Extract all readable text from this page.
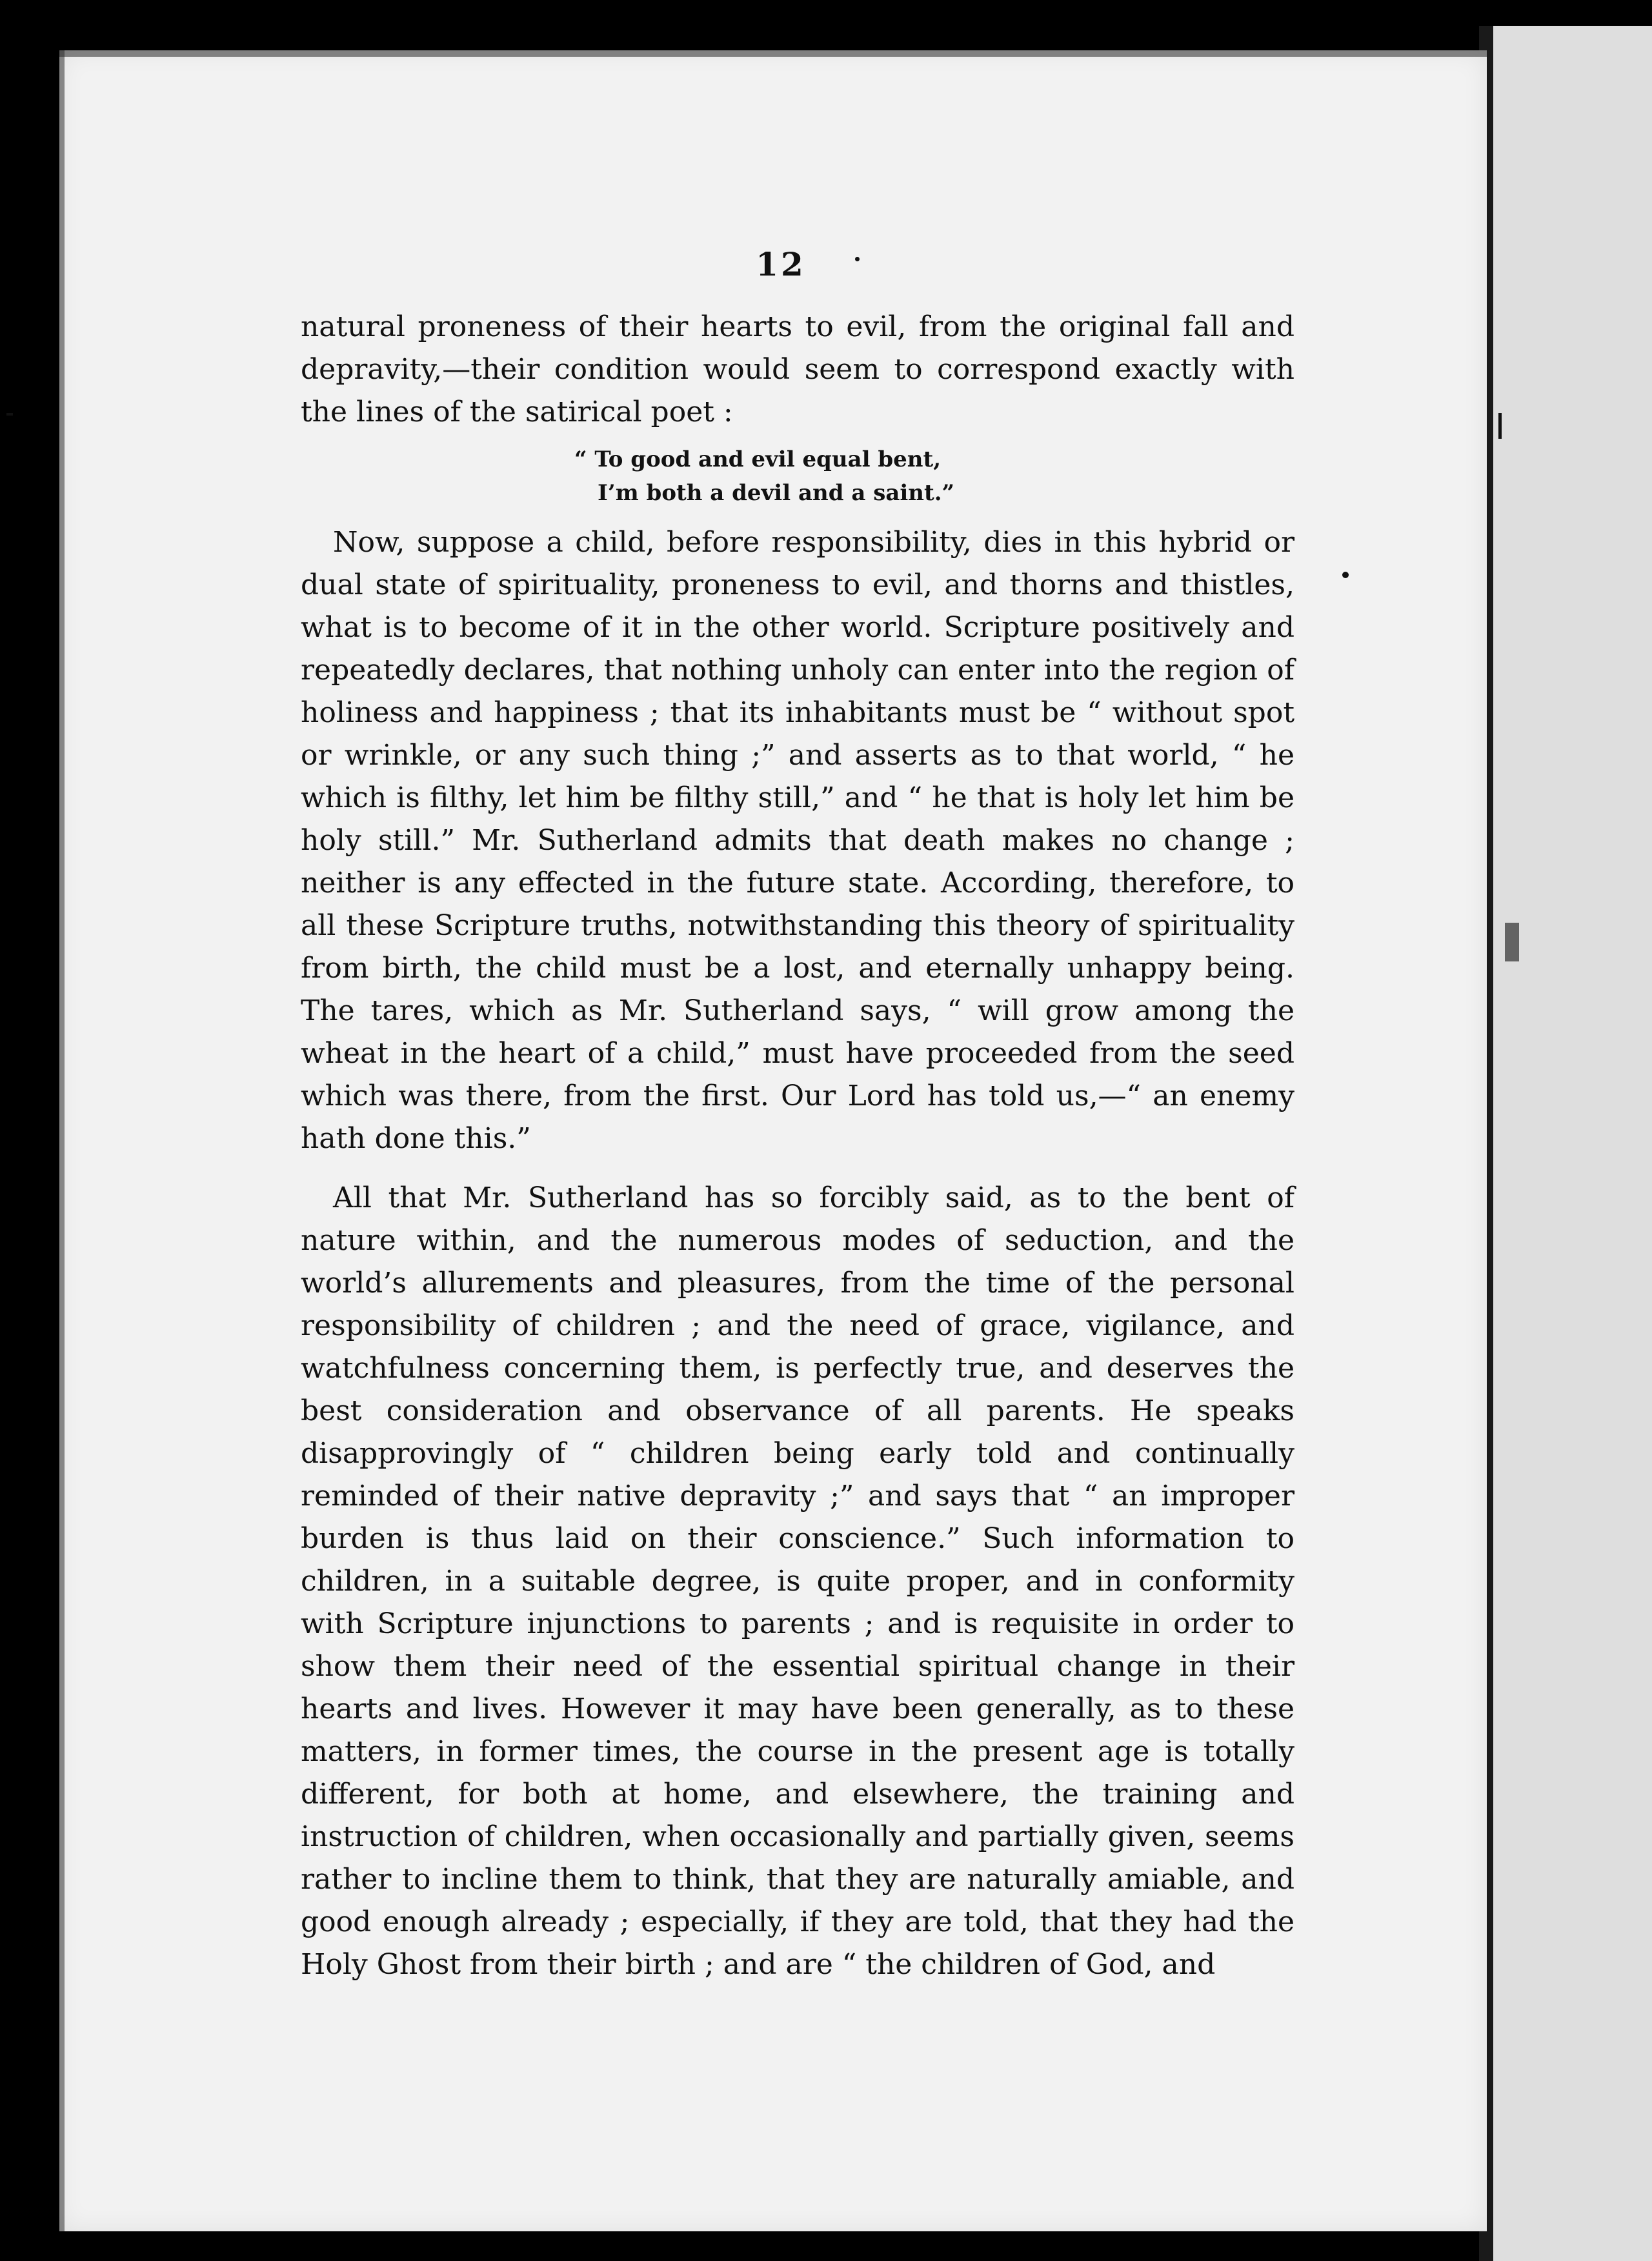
12

natural proneness of their hearts to evil, from the original fall and depravity,—their condition would seem to correspond exactly with the lines of the satirical poet :

“ To good and evil equal bent,
I’m both a devil and a saint.”

Now, suppose a child, before responsibility, dies in this hybrid or dual state of spirituality, proneness to evil, and thorns and thistles, what is to become of it in the other world. Scripture positively and repeatedly declares, that nothing unholy can enter into the region of holiness and happiness ; that its inhabitants must be “ without spot or wrinkle, or any such thing ;” and asserts as to that world, “ he which is filthy, let him be filthy still,” and “ he that is holy let him be holy still.” Mr. Sutherland admits that death makes no change ; neither is any effected in the future state. According, therefore, to all these Scripture truths, notwithstanding this theory of spirituality from birth, the child must be a lost, and eternally unhappy being. The tares, which as Mr. Sutherland says, “ will grow among the wheat in the heart of a child,” must have proceeded from the seed which was there, from the first. Our Lord has told us,—“ an enemy hath done this.”

All that Mr. Sutherland has so forcibly said, as to the bent of nature within, and the numerous modes of seduction, and the world’s allurements and pleasures, from the time of the personal responsibility of children ; and the need of grace, vigilance, and watchfulness concerning them, is perfectly true, and deserves the best consideration and observance of all parents. He speaks disapprovingly of “ children being early told and continually reminded of their native depravity ;” and says that “ an improper burden is thus laid on their conscience.” Such information to children, in a suitable degree, is quite proper, and in conformity with Scripture injunctions to parents ; and is requisite in order to show them their need of the essential spiritual change in their hearts and lives. However it may have been generally, as to these matters, in former times, the course in the present age is totally different, for both at home, and elsewhere, the training and instruction of children, when occasionally and partially given, seems rather to incline them to think, that they are naturally amiable, and good enough already ; especially, if they are told, that they had the Holy Ghost from their birth ; and are “ the children of God, and
